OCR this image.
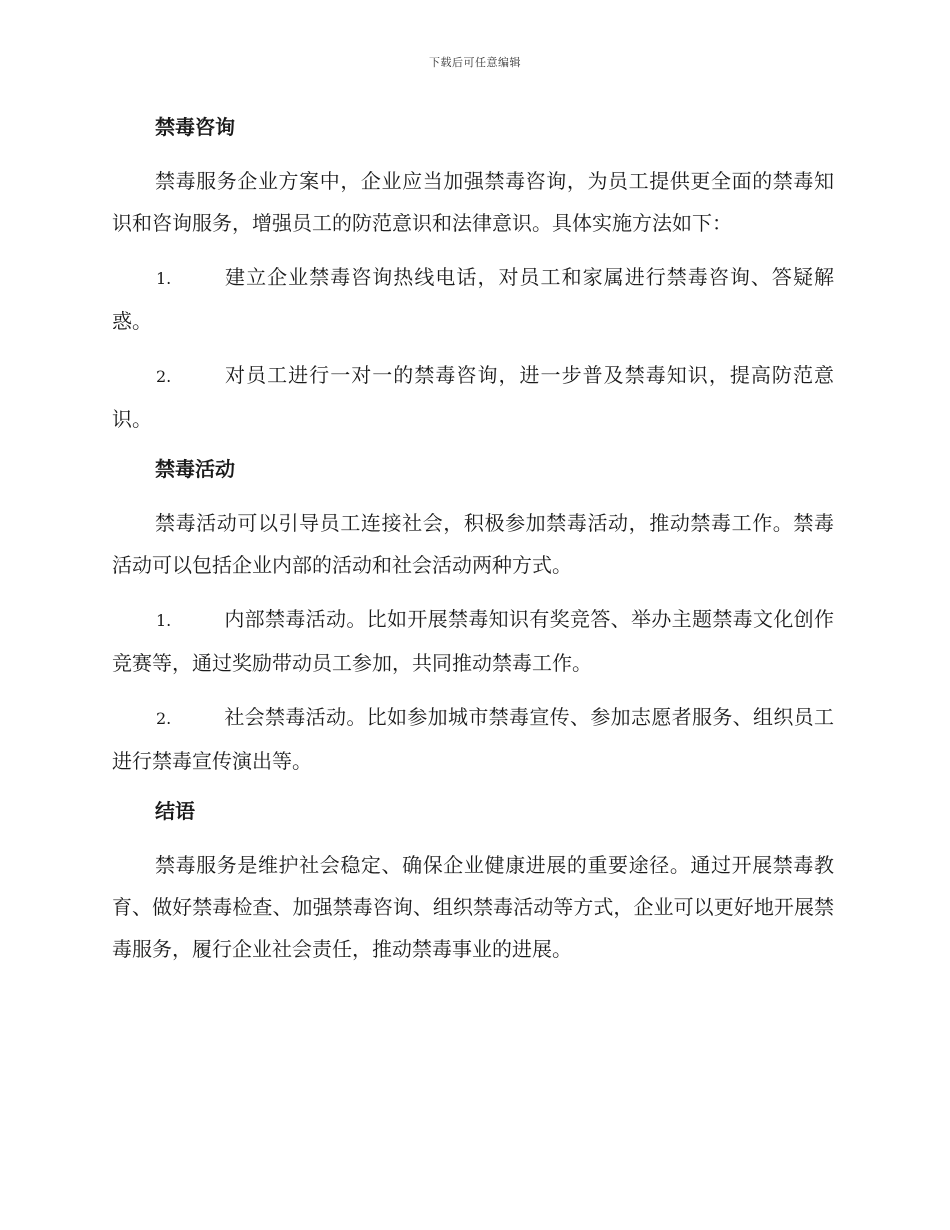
下载后可任意编辑
禁毒咨询

禁毒服务企业方案中，企业应当加强禁毒咨询，为员工提供更全面的禁毒知识和咨询服务，增强员工的防范意识和法律意识。具体实施方法如下：

1.	建立企业禁毒咨询热线电话，对员工和家属进行禁毒咨询、答疑解惑。

2.	对员工进行一对一的禁毒咨询，进一步普及禁毒知识，提高防范意识。

禁毒活动

禁毒活动可以引导员工连接社会，积极参加禁毒活动，推动禁毒工作。禁毒活动可以包括企业内部的活动和社会活动两种方式。

1.	内部禁毒活动。比如开展禁毒知识有奖竞答、举办主题禁毒文化创作竞赛等，通过奖励带动员工参加，共同推动禁毒工作。

2.	社会禁毒活动。比如参加城市禁毒宣传、参加志愿者服务、组织员工进行禁毒宣传演出等。

结语

禁毒服务是维护社会稳定、确保企业健康进展的重要途径。通过开展禁毒教育、做好禁毒检查、加强禁毒咨询、组织禁毒活动等方式，企业可以更好地开展禁毒服务，履行企业社会责任，推动禁毒事业的进展。
